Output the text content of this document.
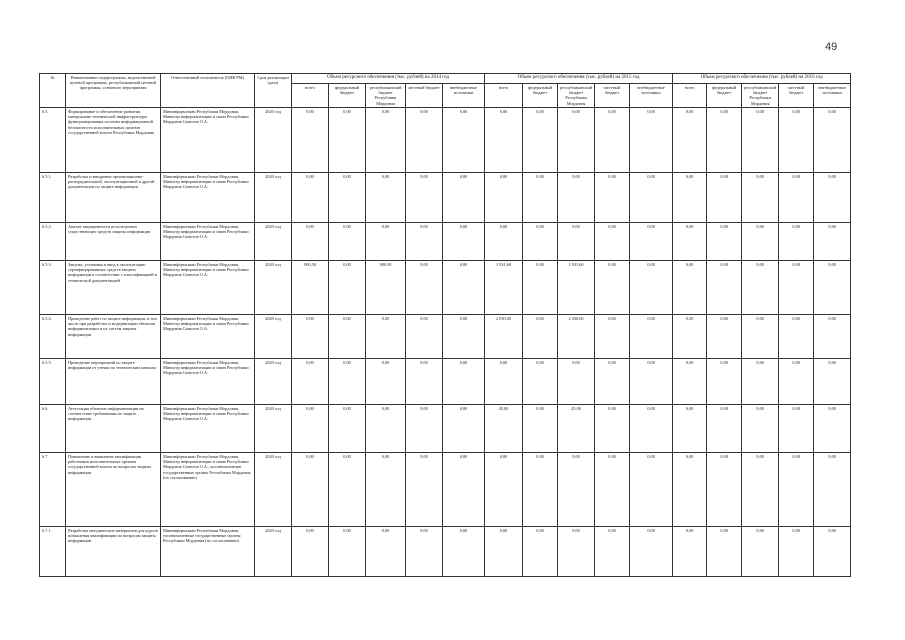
49
№	Наименование подпрограммы, ведомственной целевой программы, республиканской целевой программы, основного мероприятия	Ответственный исполнитель (ОИВ РМ)	Срок реализации (дата)	Объем ресурсного обеспечения (тыс. рублей) на 2014 год					Объем ресурсного обеспечения (тыс. рублей) на 2015 год					Объем ресурсного обеспечения (тыс. рублей) на 2016 год				
				всего	федеральный бюджет	республиканский бюджет Республики Мордовия	местный бюджет	внебюджетные источники	всего	федеральный бюджет	республиканский бюджет Республики Мордовия	местный бюджет	внебюджетные источники	всего	федеральный бюджет	республиканский бюджет Республики Мордовия	местный бюджет	внебюджетные источники
6.5.	Формирование и обеспечение развития материально-технической инфраструктуры функционирования системы информационной безопасности исполнительных органов государственной власти Республики Мордовия	Мининформсвязи Республики Мордовия, Министр информатизации и связи Республики Мордовия Самолов О.А.	2020 год	0,00	0,00	0,00	0,00	0,00	0,00	0,00	0,00	0,00	0,00	0,00	0,00	0,00	0,00	0,00
6.5.1.	Разработка и внедрение организационно-распорядительной, эксплуатационной и другой документации по защите информации	Мининформсвязи Республики Мордовия, Министр информатизации и связи Республики Мордовия Самолов О.А.	2020 год	0,00	0,00	0,00	0,00	0,00	0,00	0,00	0,00	0,00	0,00	0,00	0,00	0,00	0,00	0,00
6.5.2.	Анализ защищенности используемых существующих средств защиты информации	Мининформсвязи Республики Мордовия, Министр информатизации и связи Республики Мордовия Самолов О.А.	2020 год	0,00	0,00	0,00	0,00	0,00	0,00	0,00	0,00	0,00	0,00	0,00	0,00	0,00	0,00	0,00
6.5.3.	Закупка, установка и ввод в эксплуатацию сертифицированных средств защиты информации в соответствии с классификацией и технической документацией	Мининформсвязи Республики Мордовия, Министр информатизации и связи Республики Мордовия Самолов О.А.	2020 год	900,50	0,00	900,50	0,00	0,00	1 931,60	0,00	1 931,60	0,00	0,00	0,00	0,00	0,00	0,00	0,00
6.5.4.	Проведение работ по защите информации, в том числе при разработке и модернизации объектов информатизации и их систем защиты информации	Мининформсвязи Республики Мордовия, Министр информатизации и связи Республики Мордовия Самолов О.А.	2020 год	0,00	0,00	0,00	0,00	0,00	2 030,00	0,00	2 030,00	0,00	0,00	0,00	0,00	0,00	0,00	0,00
6.5.5.	Проведение мероприятий по защите информации от утечки по техническим каналам	Мининформсвязи Республики Мордовия, Министр информатизации и связи Республики Мордовия Самолов О.А.	2020 год	0,00	0,00	0,00	0,00	0,00	0,00	0,00	0,00	0,00	0,00	0,00	0,00	0,00	0,00	0,00
6.6.	Аттестация объектов информатизации на соответствие требованиям по защите информации	Мининформсвязи Республики Мордовия, Министр информатизации и связи Республики Мордовия Самолов О.А.	2020 год	0,00	0,00	0,00	0,00	0,00	45,00	0,00	45,00	0,00	0,00	0,00	0,00	0,00	0,00	0,00
6.7.	Повышение и выявление квалификации работников исполнительных органов государственной власти по вопросам защиты информации	Мининформсвязи Республики Мордовия, Министр информатизации и связи Республики Мордовия Самолов О.А., уполномоченные государственные органы Республики Мордовия (по согласованию)	2020 год	0,00	0,00	0,00	0,00	0,00	0,00	0,00	0,00	0,00	0,00	0,00	0,00	0,00	0,00	0,00
6.7.1.	Разработка методических материалов для курсов повышения квалификации по вопросам защиты информации	Мининформсвязи Республики Мордовия, уполномоченные государственные органы Республики Мордовия (по согласованию)	2020 год	0,00	0,00	0,00	0,00	0,00	0,00	0,00	0,00	0,00	0,00	0,00	0,00	0,00	0,00	0,00
